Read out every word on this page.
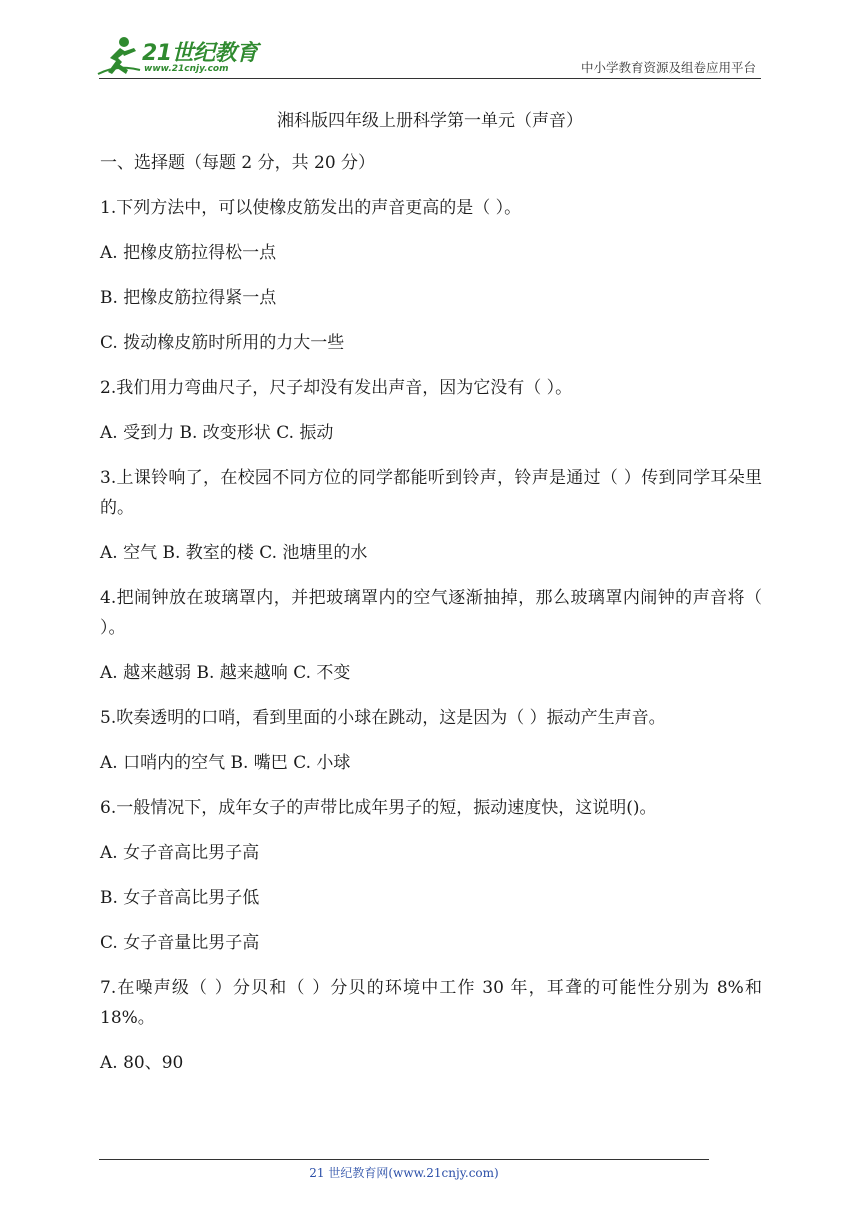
21世纪教育
www.21cnjy.com	中小学教育资源及组卷应用平台
湘科版四年级上册科学第一单元（声音）

一、选择题（每题 2 分，共 20 分）

1.下列方法中，可以使橡皮筋发出的声音更高的是（ ）。

A. 把橡皮筋拉得松一点

B. 把橡皮筋拉得紧一点

C. 拨动橡皮筋时所用的力大一些

2.我们用力弯曲尺子，尺子却没有发出声音，因为它没有（ ）。

A. 受到力 B. 改变形状 C. 振动

3.上课铃响了，在校园不同方位的同学都能听到铃声，铃声是通过（ ）传到同学耳朵里的。

A. 空气 B. 教室的楼 C. 池塘里的水

4.把闹钟放在玻璃罩内，并把玻璃罩内的空气逐渐抽掉，那么玻璃罩内闹钟的声音将（ ）。

A. 越来越弱 B. 越来越响 C. 不变

5.吹奏透明的口哨，看到里面的小球在跳动，这是因为（ ）振动产生声音。

A. 口哨内的空气 B. 嘴巴 C. 小球

6.一般情况下，成年女子的声带比成年男子的短，振动速度快，这说明()。

A. 女子音高比男子高

B. 女子音高比男子低

C. 女子音量比男子高

7.在噪声级（ ）分贝和（ ）分贝的环境中工作 30 年，耳聋的可能性分别为 8%和 18%。

A. 80、90

21 世纪教育网(www.21cnjy.com)
